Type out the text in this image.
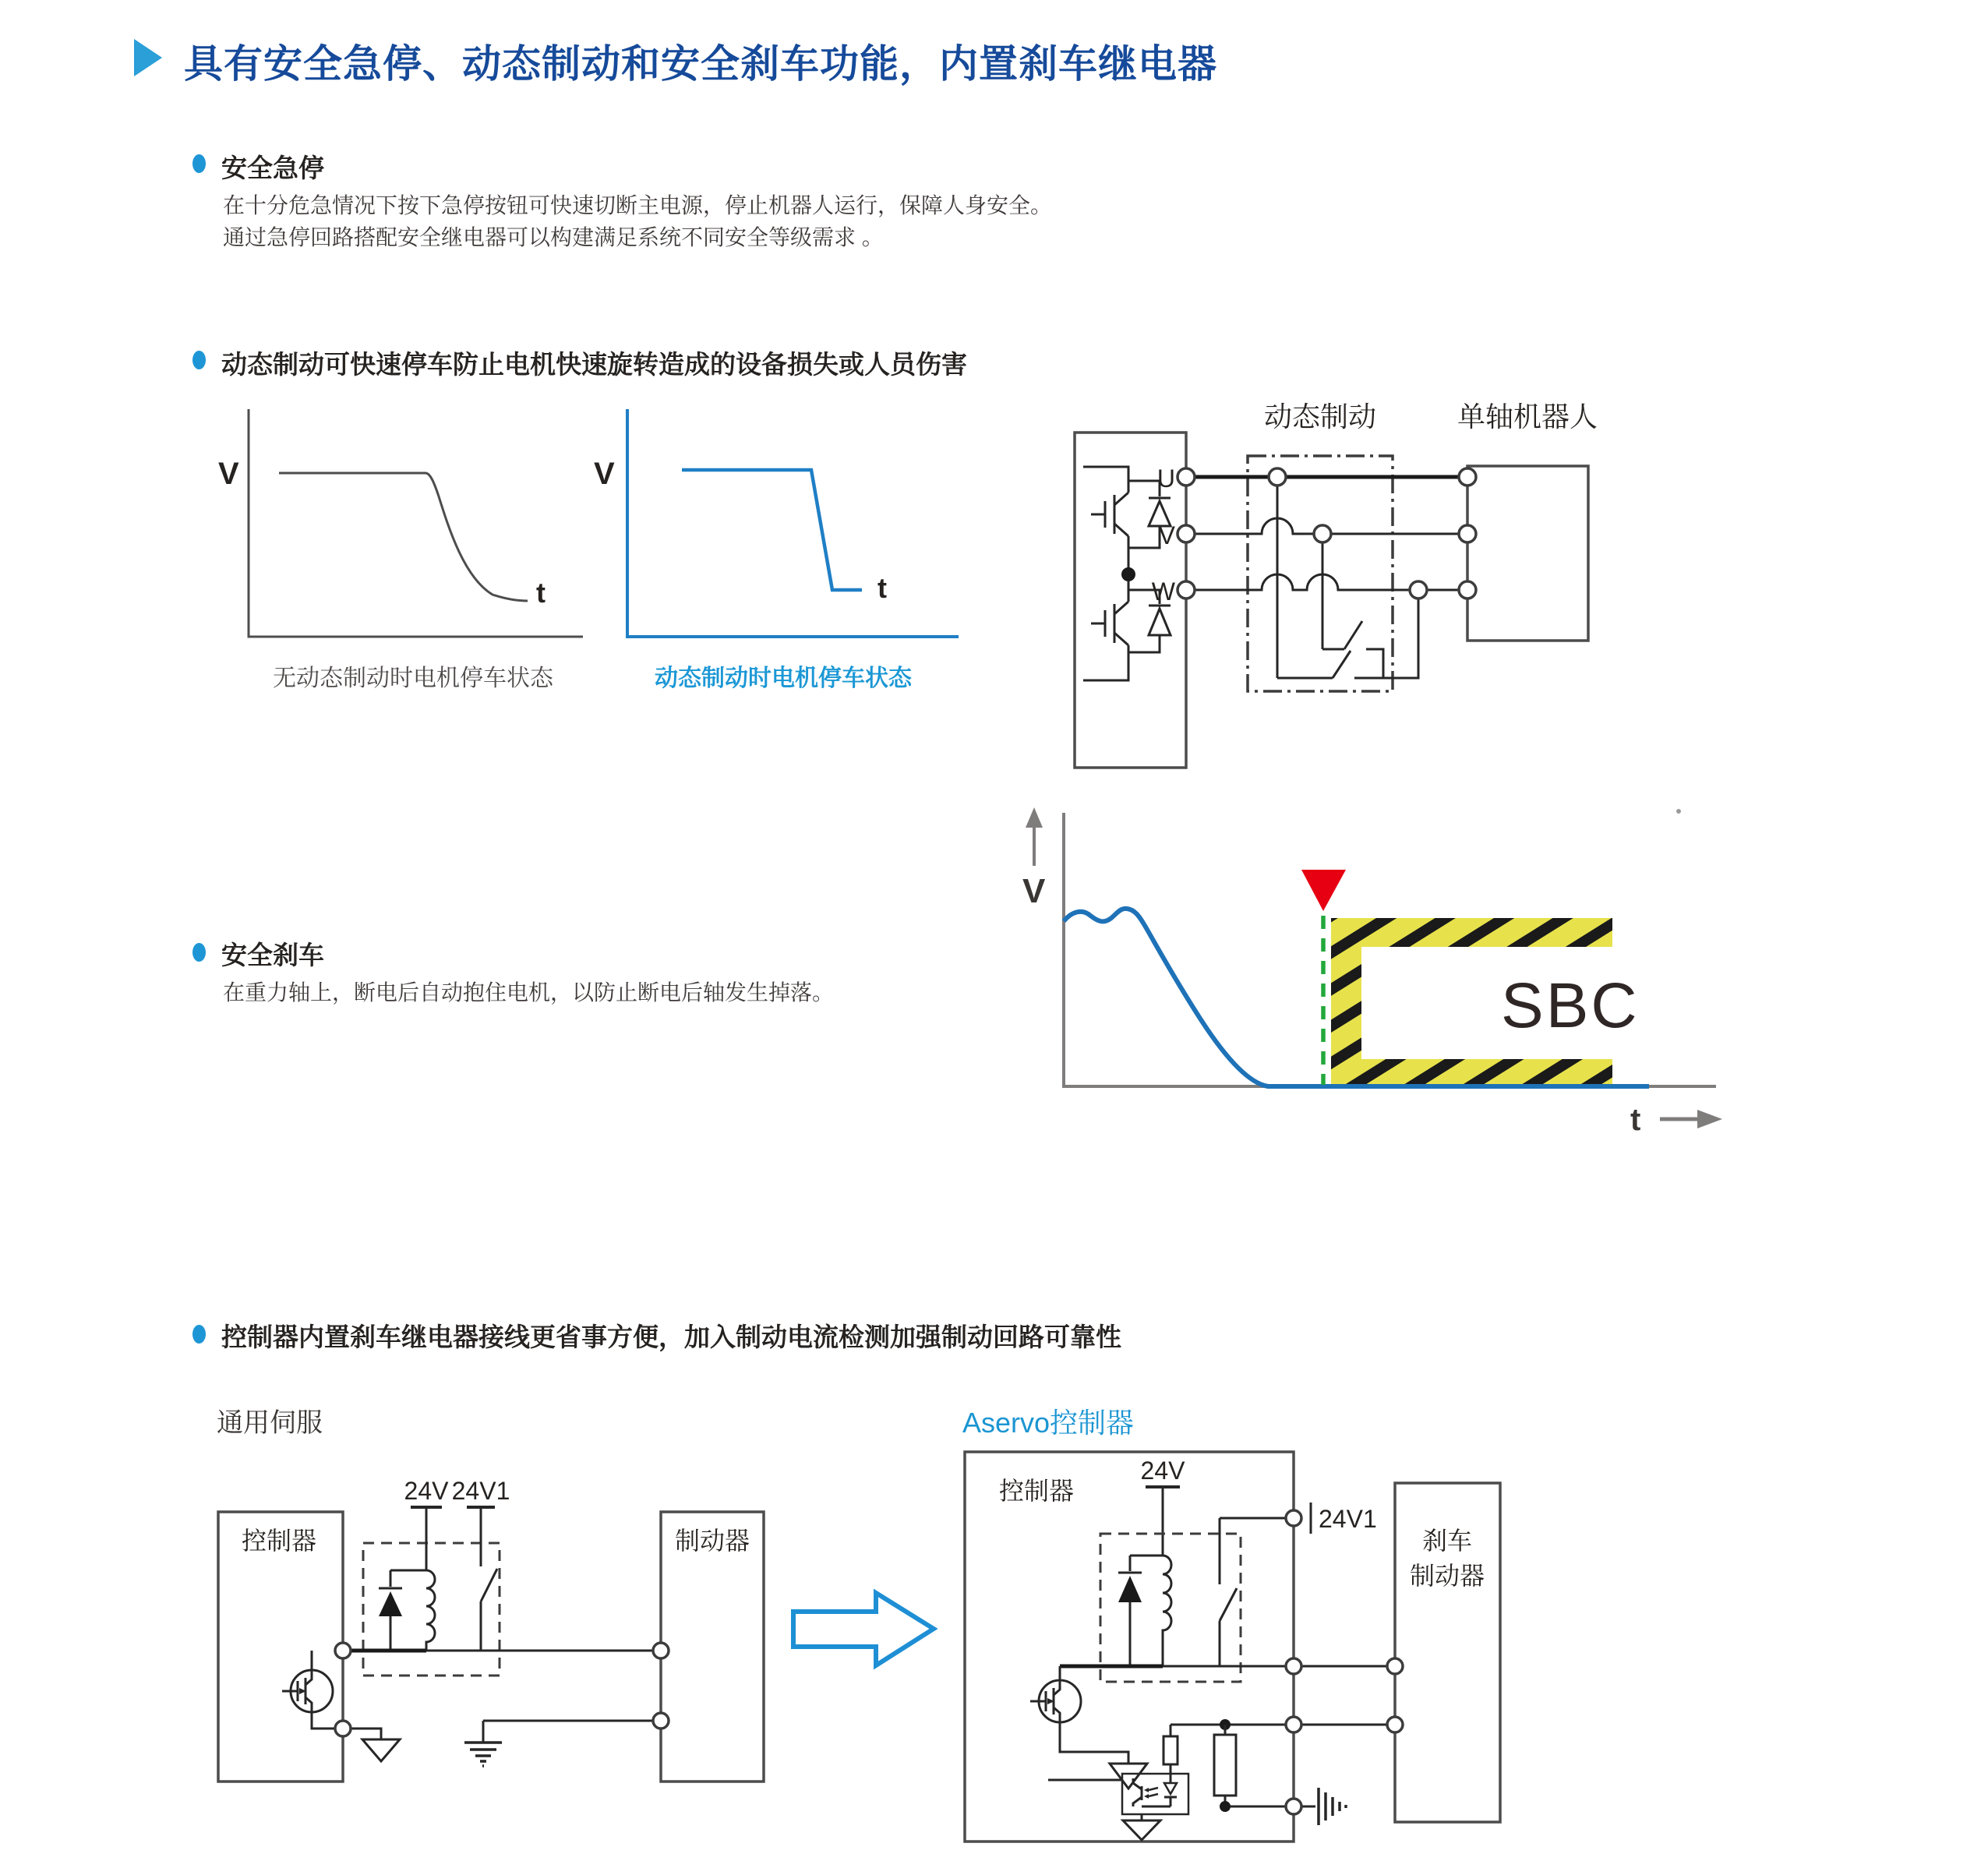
具有安全急停、动态制动和安全刹车功能，内置刹车继电器
安全急停
在十分危急情况下按下急停按钮可快速切断主电源，停止机器人运行，保障人身安全。
通过急停回路搭配安全继电器可以构建满足系统不同安全等级需求 。
动态制动可快速停车防止电机快速旋转造成的设备损失或人员伤害
V
t
无动态制动时电机停车状态
V
t
动态制动时电机停车状态
动态制动	单轴机器人
U
V
W
安全刹车
在重力轴上，断电后自动抱住电机，以防止断电后轴发生掉落。
V
SBC
t
控制器内置刹车继电器接线更省事方便，加入制动电流检测加强制动回路可靠性
通用伺服
24V 24V1
控制器	制动器
Aservo控制器
控制器
24V
24V1
刹车
制动器
